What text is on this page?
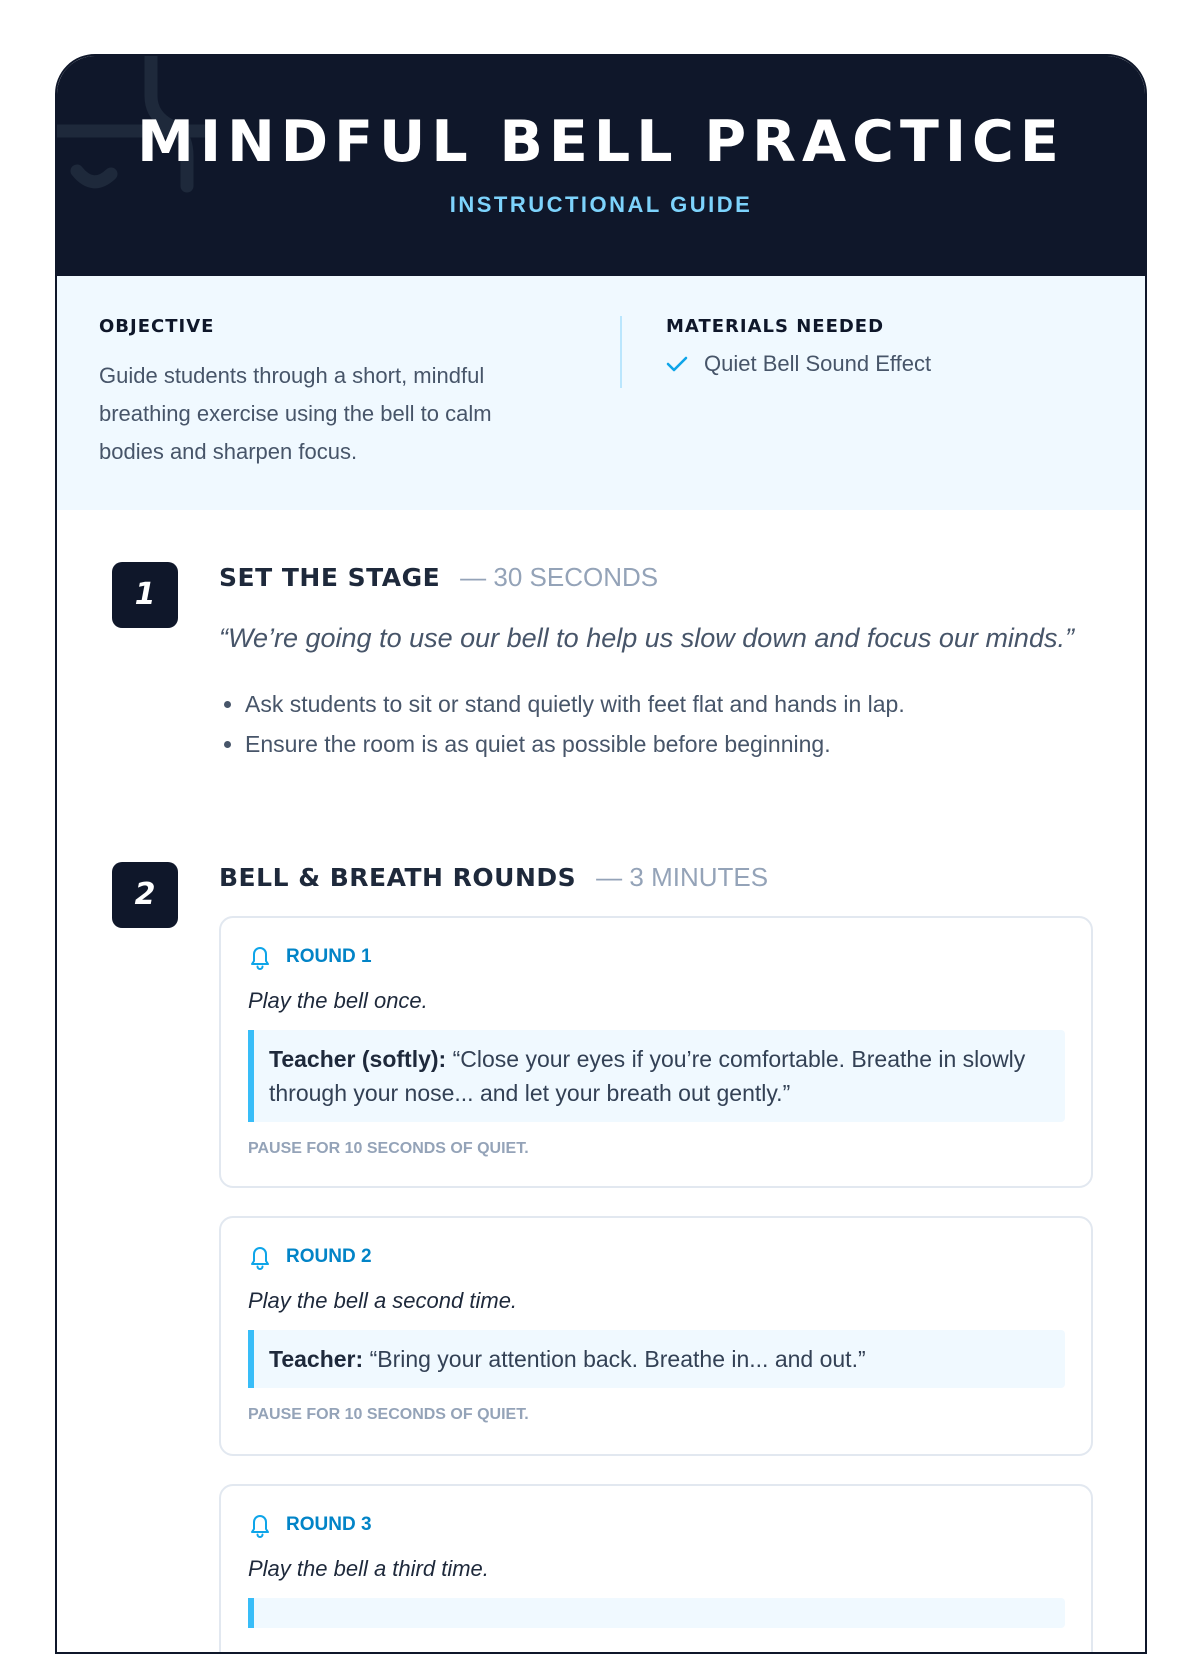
MINDFUL BELL PRACTICE
INSTRUCTIONAL GUIDE
OBJECTIVE
Guide students through a short, mindful breathing exercise using the bell to calm bodies and sharpen focus.
MATERIALS NEEDED
Quiet Bell Sound Effect
1	SET THE STAGE — 30 SECONDS
“We’re going to use our bell to help us slow down and focus our minds.”
• Ask students to sit or stand quietly with feet flat and hands in lap.
• Ensure the room is as quiet as possible before beginning.
2	BELL & BREATH ROUNDS — 3 MINUTES
ROUND 1
Play the bell once.
Teacher (softly): “Close your eyes if you’re comfortable. Breathe in slowly through your nose... and let your breath out gently.”
PAUSE FOR 10 SECONDS OF QUIET.
ROUND 2
Play the bell a second time.
Teacher: “Bring your attention back. Breathe in... and out.”
PAUSE FOR 10 SECONDS OF QUIET.
ROUND 3
Play the bell a third time.
